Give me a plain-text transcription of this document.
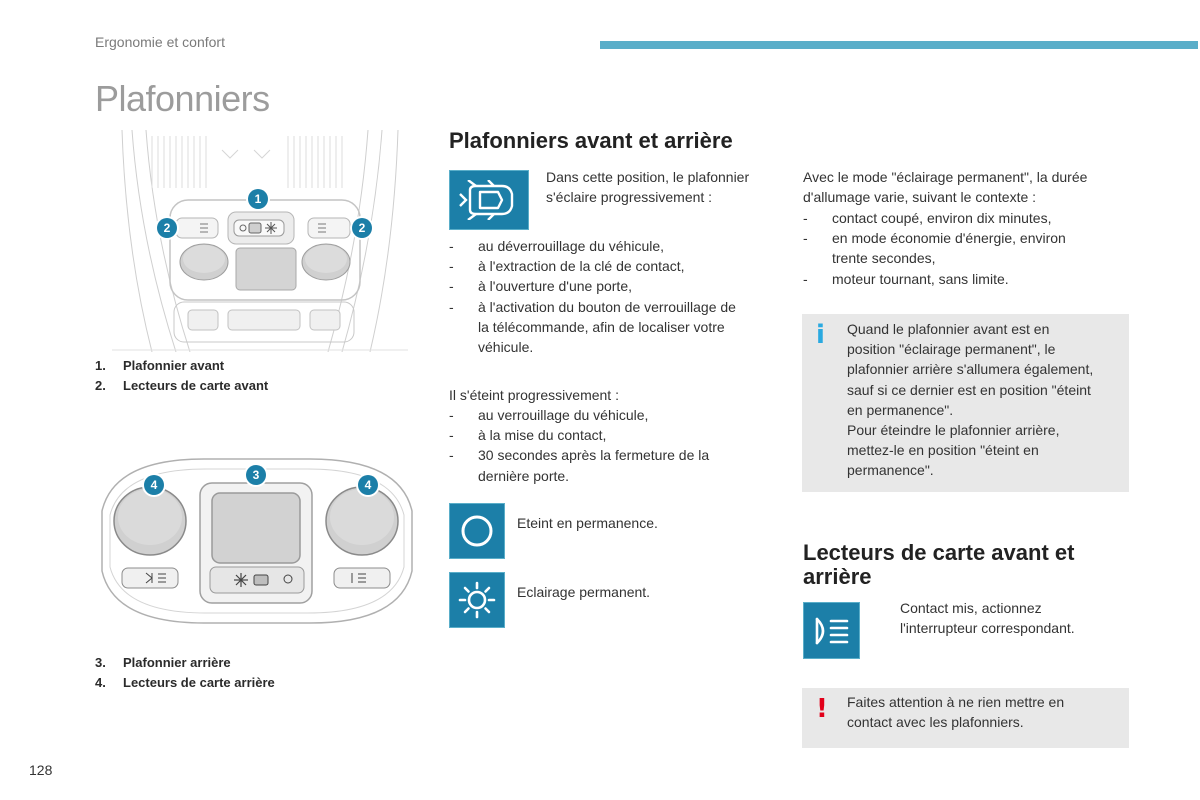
Ergonomie et confort
Plafonniers
1
2	2
1. Plafonnier avant
2. Lecteurs de carte avant
4
3
4
3. Plafonnier arrière
4. Lecteurs de carte arrière
Plafonniers avant et arrière
Dans cette position, le plafonnier
s'éclaire progressivement :
- au déverrouillage du véhicule,
- à l'extraction de la clé de contact,
- à l'ouverture d'une porte,
- à l'activation du bouton de verrouillage de
la télécommande, afin de localiser votre
véhicule.
Il s'éteint progressivement :
- au verrouillage du véhicule,
- à la mise du contact,
- 30 secondes après la fermeture de la
dernière porte.
Eteint en permanence.
Eclairage permanent.
Avec le mode "éclairage permanent", la durée
d'allumage varie, suivant le contexte :
- contact coupé, environ dix minutes,
- en mode économie d'énergie, environ
trente secondes,
- moteur tournant, sans limite.
i Quand le plafonnier avant est en
position "éclairage permanent", le
plafonnier arrière s'allumera également,
sauf si ce dernier est en position "éteint
en permanence".
Pour éteindre le plafonnier arrière,
mettez-le en position "éteint en
permanence".
Lecteurs de carte avant et
arrière
Contact mis, actionnez
l'interrupteur correspondant.
! Faites attention à ne rien mettre en
contact avec les plafonniers.
128
